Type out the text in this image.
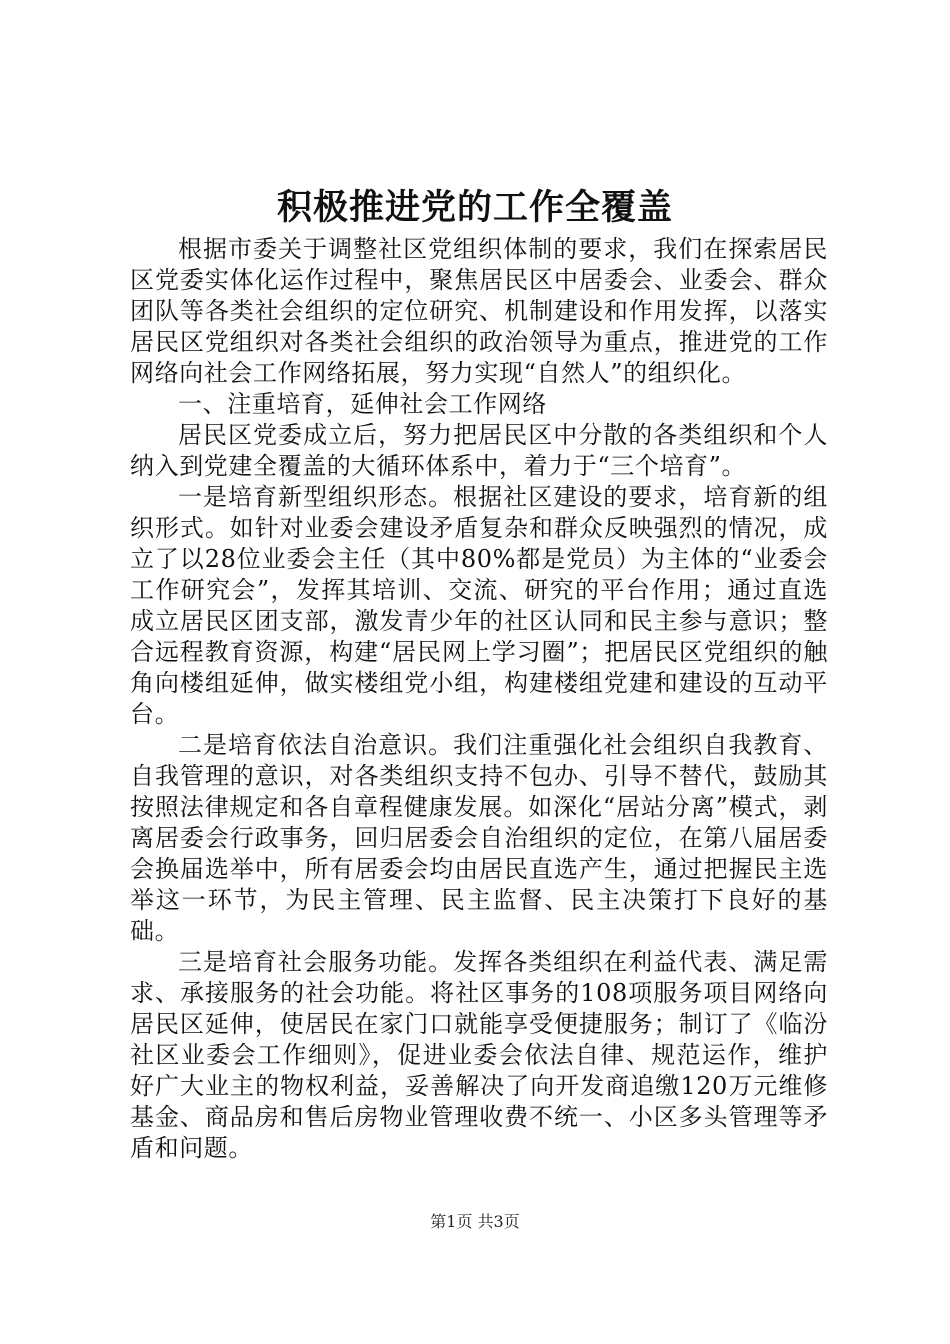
积极推进党的工作全覆盖

根据市委关于调整社区党组织体制的要求，我们在探索居民区党委实体化运作过程中，聚焦居民区中居委会、业委会、群众团队等各类社会组织的定位研究、机制建设和作用发挥，以落实居民区党组织对各类社会组织的政治领导为重点，推进党的工作网络向社会工作网络拓展，努力实现“自然人”的组织化。

一、注重培育，延伸社会工作网络

居民区党委成立后，努力把居民区中分散的各类组织和个人纳入到党建全覆盖的大循环体系中，着力于“三个培育”。

一是培育新型组织形态。根据社区建设的要求，培育新的组织形式。如针对业委会建设矛盾复杂和群众反映强烈的情况，成立了以28位业委会主任（其中80%都是党员）为主体的“业委会工作研究会”，发挥其培训、交流、研究的平台作用；通过直选成立居民区团支部，激发青少年的社区认同和民主参与意识；整合远程教育资源，构建“居民网上学习圈”；把居民区党组织的触角向楼组延伸，做实楼组党小组，构建楼组党建和建设的互动平台。

二是培育依法自治意识。我们注重强化社会组织自我教育、自我管理的意识，对各类组织支持不包办、引导不替代，鼓励其按照法律规定和各自章程健康发展。如深化“居站分离”模式，剥离居委会行政事务，回归居委会自治组织的定位，在第八届居委会换届选举中，所有居委会均由居民直选产生，通过把握民主选举这一环节，为民主管理、民主监督、民主决策打下良好的基础。

三是培育社会服务功能。发挥各类组织在利益代表、满足需求、承接服务的社会功能。将社区事务的108项服务项目网络向居民区延伸，使居民在家门口就能享受便捷服务；制订了《临汾社区业委会工作细则》，促进业委会依法自律、规范运作，维护好广大业主的物权利益，妥善解决了向开发商追缴120万元维修基金、商品房和售后房物业管理收费不统一、小区多头管理等矛盾和问题。

第1页 共3页
